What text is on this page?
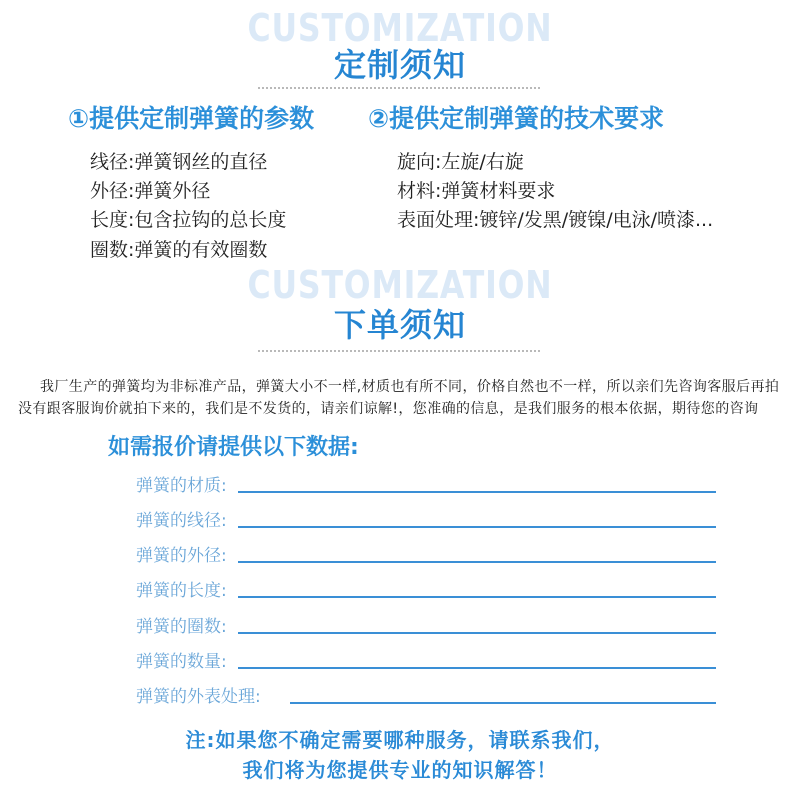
CUSTOMIZATION
定制须知
①提供定制弹簧的参数 ②提供定制弹簧的技术要求
线径:弹簧钢丝的直径
外径:弹簧外径
长度:包含拉钩的总长度
圈数:弹簧的有效圈数
旋向:左旋/右旋
材料:弹簧材料要求
表面处理:镀锌/发黑/镀镍/电泳/喷漆...
CUSTOMIZATION
下单须知
我厂生产的弹簧均为非标准产品，弹簧大小不一样,材质也有所不同，价格自然也不一样，所以亲们先咨询客服后再拍
没有跟客服询价就拍下来的，我们是不发货的，请亲们谅解!，您准确的信息，是我们服务的根本依据，期待您的咨询
如需报价请提供以下数据:
弹簧的材质:
弹簧的线径:
弹簧的外径:
弹簧的长度:
弹簧的圈数:
弹簧的数量:
弹簧的外表处理:
注:如果您不确定需要哪种服务，请联系我们，
我们将为您提供专业的知识解答！
